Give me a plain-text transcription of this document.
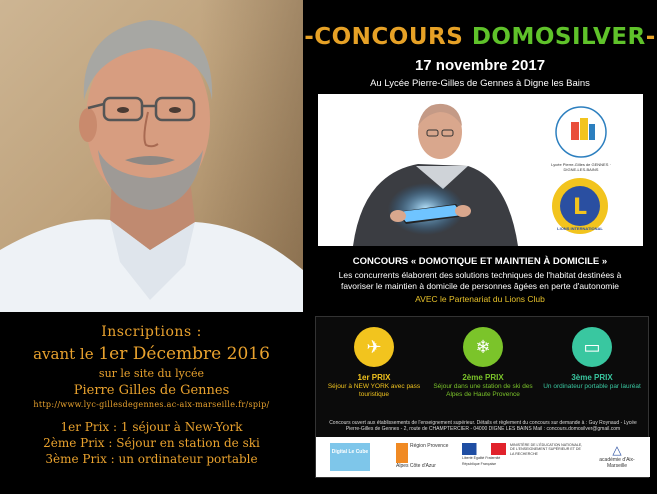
Inscriptions :
avant le 1er Décembre 2016
sur le site du lycée
Pierre Gilles de Gennes
http://www.lyc-gillesdegennes.ac-aix-marseille.fr/spip/
1er Prix : 1 séjour à New-York
2ème Prix : Séjour en station de ski
3ème Prix : un ordinateur portable
-CONCOURS DOMOSILVER-
17 novembre 2017
Au Lycée Pierre-Gilles de Gennes à Digne les Bains
Lycée Pierre-Gilles de GENNES · DIGNE-LES-BAINS
L
LIONS INTERNATIONAL
CONCOURS « DOMOTIQUE ET MAINTIEN À DOMICILE »
Les concurrents élaborent des solutions techniques de l'habitat destinées à favoriser le maintien à domicile de personnes âgées en perte d'autonomie
AVEC le Partenariat du Lions Club
✈
1er PRIX
Séjour à NEW YORK avec pass touristique
❄
2ème PRIX
Séjour dans une station de ski des Alpes de Haute Provence
▭
3ème PRIX
Un ordinateur portable par lauréat
Concours ouvert aux établissements de l'enseignement supérieur. Détails et règlement du concours sur demande à : Guy Roynaud - Lycée Pierre-Gilles de Gennes - 2, route de CHAMPTERCIER - 04000 DIGNE LES BAINS Mail : concours.domosilver@gmail.com
Digital Le Cube
Région Provence Alpes Côte d'Azur
Liberté Égalité Fraternité République Française
MINISTÈRE DE L'ÉDUCATION NATIONALE, DE L'ENSEIGNEMENT SUPÉRIEUR ET DE LA RECHERCHE	△
académie d'Aix-Marseille
